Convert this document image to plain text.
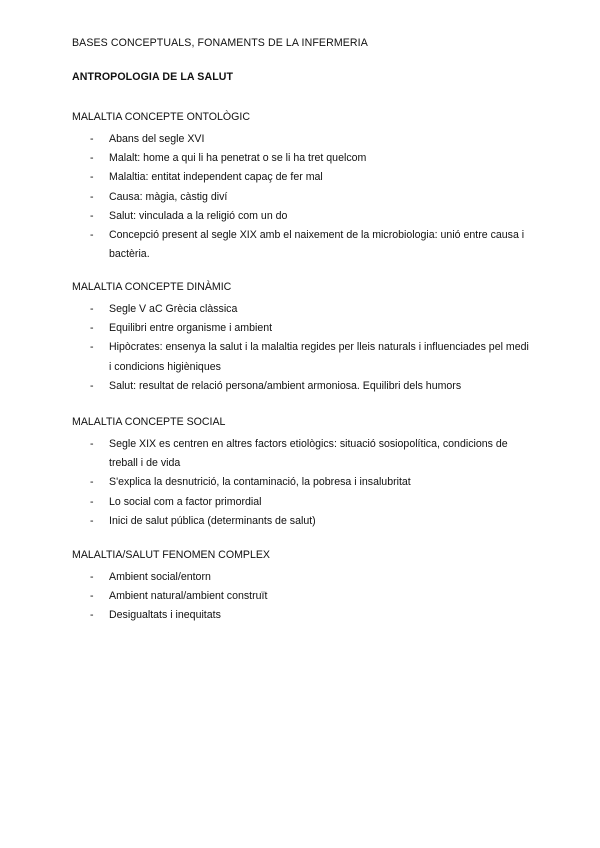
BASES CONCEPTUALS, FONAMENTS DE LA INFERMERIA
ANTROPOLOGIA DE LA SALUT
MALALTIA CONCEPTE ONTOLÒGIC
- Abans del segle XVI
- Malalt: home a qui li ha penetrat o se li ha tret quelcom
- Malaltia: entitat independent capaç de fer mal
- Causa: màgia, càstig diví
- Salut: vinculada a la religió com un do
- Concepció present al segle XIX amb el naixement de la microbiologia: unió entre causa i bactèria.
MALALTIA CONCEPTE DINÀMIC
- Segle V aC Grècia clàssica
- Equilibri entre organisme i ambient
- Hipòcrates: ensenya la salut i la malaltia regides per lleis naturals i influenciades pel medi i condicions higièniques
- Salut: resultat de relació persona/ambient armoniosa. Equilibri dels humors
MALALTIA CONCEPTE SOCIAL
- Segle XIX es centren en altres factors etiològics: situació sosiopolítica, condicions de treball i de vida
- S'explica la desnutrició, la contaminació, la pobresa i insalubritat
- Lo social com a factor primordial
- Inici de salut pública (determinants de salut)
MALALTIA/SALUT FENOMEN COMPLEX
- Ambient social/entorn
- Ambient natural/ambient construït
- Desigualtats i inequitats
